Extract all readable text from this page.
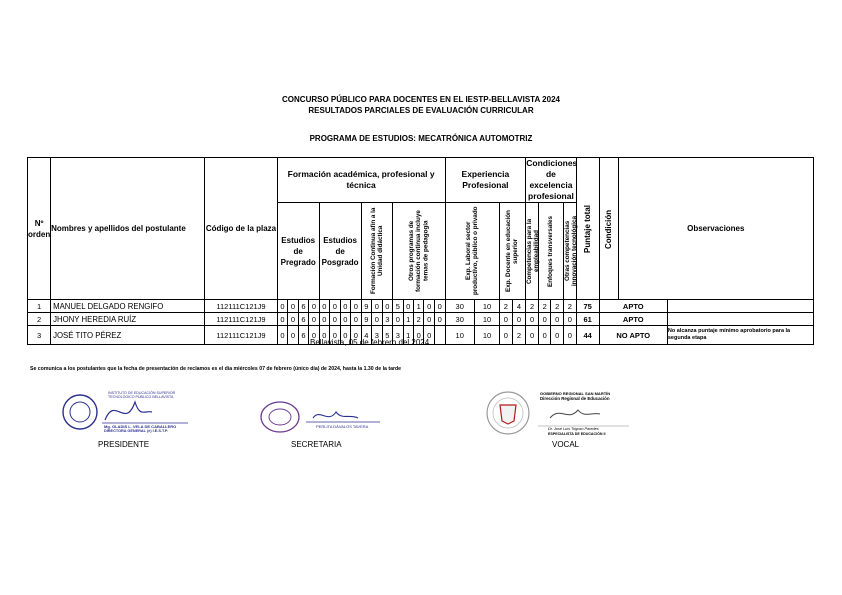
CONCURSO PÚBLICO PARA DOCENTES EN EL IESTP-BELLAVISTA 2024
RESULTADOS PARCIALES DE EVALUACIÓN CURRICULAR
PROGRAMA DE ESTUDIOS: MECATRÓNICA AUTOMOTRIZ
Nº orden	Nombres y apellidos del postulante	Código de la plaza	Formación académica, profesional y técnica																Experiencia Profesional				Condiciones de excelencia profesional				Puntaje total	Condición	Observaciones	
			Estudios de Pregrado				Estudios de Posgrado				Formación Continua afín a la Unidad didáctica			Otros programas de formación continua incluye temas de pedagogía					Exp. Laboral sector productivo, público o privado		Exp. Docente en educación superior		Competencias para la empleabilidad	Enfoques transversales		Otras competencias innovación tecnológica				

1	MANUEL DELGADO RENGIFO	112111C121J9	0	0	6	0	0	0	0	0	9	0	0	5	0	1	0	0	30	10	2	4	2	2	2	2	75	APTO		
2	JHONY HEREDIA RUÍZ	112111C121J9	0	0	6	0	0	0	0	0	9	0	3	0	1	2	0	0	30	10	0	0	0	0	0	0	61	APTO		
3	JOSÉ TITO PÉREZ	112111C121J9	0	0	6	0	0	0	0	0	4	3	5	3	1	0	0		10	10	0	2	0	0	0	0	44	NO APTO		No alcanza puntaje mínimo aprobatorio para la segunda etapa
Bellavista, 05 de febrero del 2024
Se comunica a los postulantes que la fecha de presentación de reclamos es el día miércoles 07 de febrero (único día) de 2024, hasta la 1.30 de la tarde
INSTITUTO DE EDUCACIÓN SUPERIOR TECNOLÓGICO PÚBLICO BELLAVISTA
Mg. GLADIS L. VELA DE CABALLERO
DIRECTORA GENERAL (e) I.E.S.T.P.
PRESIDENTE
PERLITA DÁVALOS TAVERA
SECRETARIA
GOBIERNO REGIONAL SAN MARTÍN
Dirección Regional de Educación
Dr. José Luis Trigoso Paredes
ESPECIALISTA DE EDUCACIÓN II
VOCAL
